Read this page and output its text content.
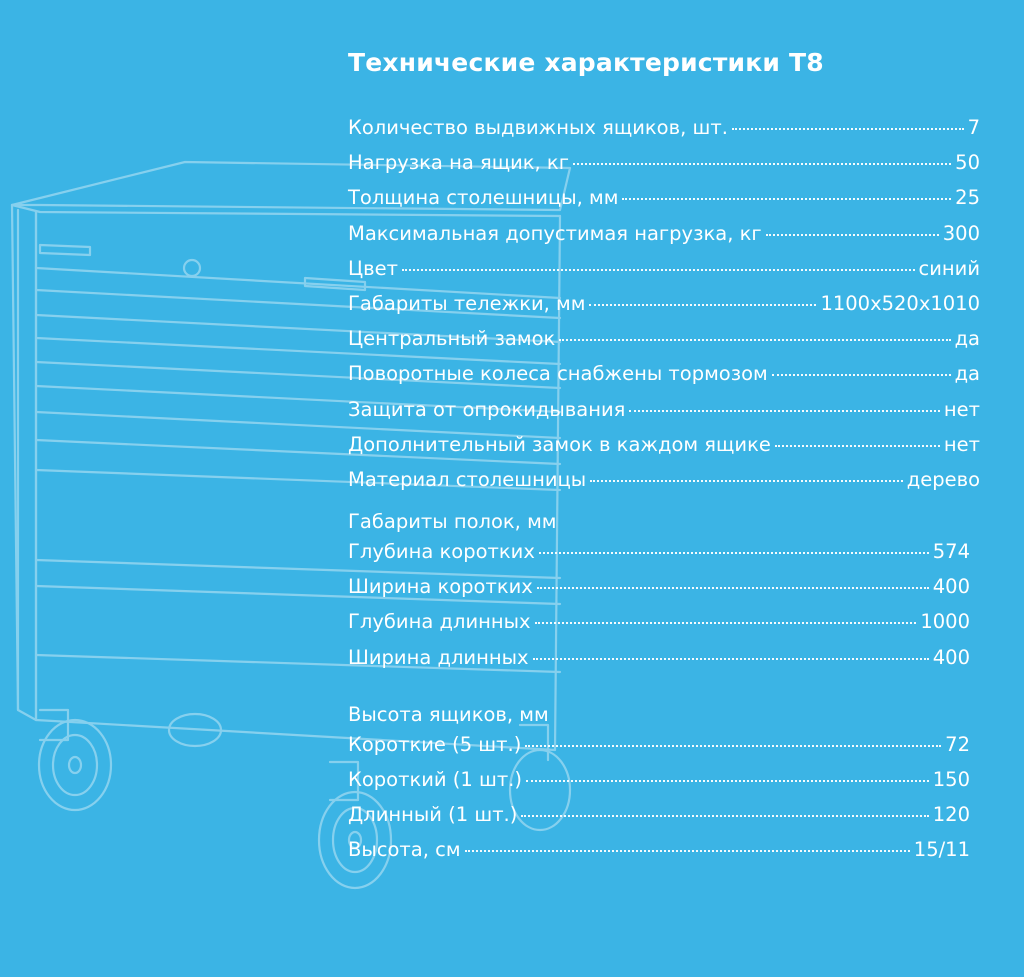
Технические характеристики T8
Количество выдвижных ящиков, шт.	7
Нагрузка на ящик, кг	50
Толщина столешницы, мм	25
Максимальная допустимая нагрузка, кг	300
Цвет	синий
Габариты тележки, мм	1100x520x1010
Центральный замок	да
Поворотные колеса снабжены тормозом	да
Защита от опрокидывания	нет
Дополнительный замок в каждом ящике	нет
Материал столешницы	дерево
Габариты полок, мм
Глубина коротких	574
Ширина коротких	400
Глубина длинных	1000
Ширина длинных	400
Высота ящиков, мм
Короткие (5 шт.)	72
Короткий (1 шт.)	150
Длинный (1 шт.)	120
Высота, см	15/11
